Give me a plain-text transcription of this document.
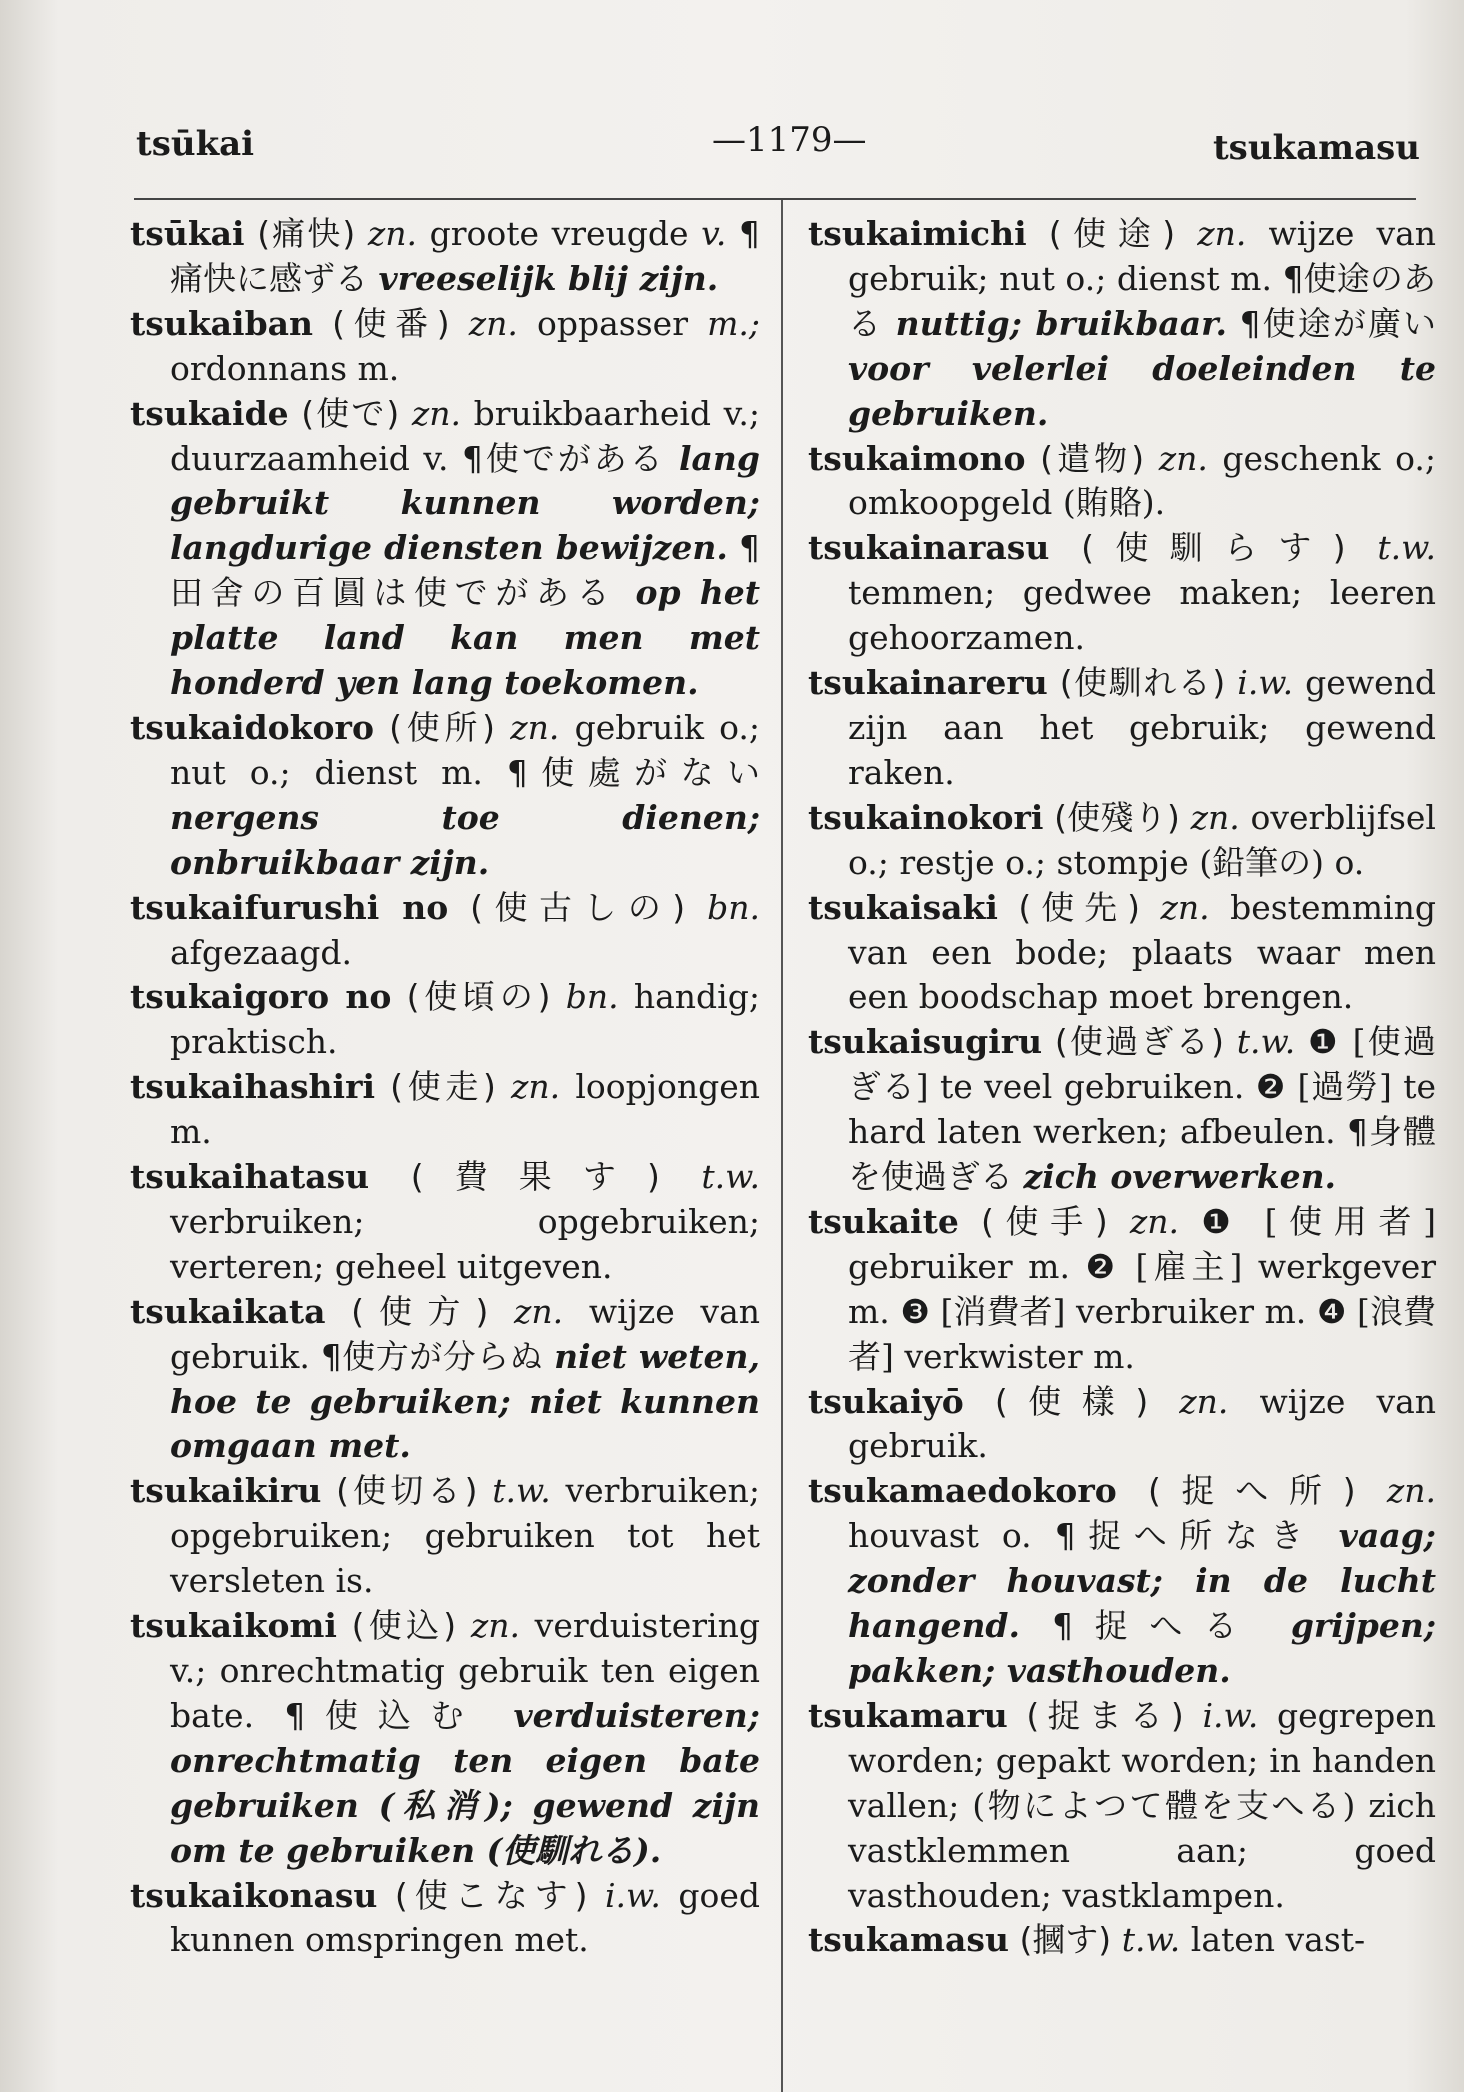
tsūkai	—1179—	tsukamasu

tsūkai (痛快) zn. groote vreugde v. ¶痛快に感ずる vreeselijk blij zijn.

tsukaiban (使番) zn. oppasser m.; ordonnans m.

tsukaide (使で) zn. bruikbaarheid v.; duurzaamheid v. ¶使でがある lang gebruikt kunnen worden; langdurige diensten bewijzen. ¶田舍の百圓は使でがある op het platte land kan men met honderd yen lang toekomen.

tsukaidokoro (使所) zn. gebruik o.; nut o.; dienst m. ¶使處がない nergens toe dienen; onbruikbaar zijn.

tsukaifurushi no (使古しの) bn. afgezaagd.

tsukaigoro no (使頃の) bn. handig; praktisch.

tsukaihashiri (使走) zn. loopjongen m.

tsukaihatasu (費果す) t.w. verbruiken; opgebruiken; verteren; geheel uitgeven.

tsukaikata (使方) zn. wijze van gebruik. ¶使方が分らぬ niet weten, hoe te gebruiken; niet kunnen omgaan met.

tsukaikiru (使切る) t.w. verbruiken; opgebruiken; gebruiken tot het versleten is.

tsukaikomi (使込) zn. verduistering v.; onrechtmatig gebruik ten eigen bate. ¶使込む verduisteren; onrechtmatig ten eigen bate gebruiken (私消); gewend zijn om te gebruiken (使馴れる).

tsukaikonasu (使こなす) i.w. goed kunnen omspringen met.

tsukaimichi (使途) zn. wijze van gebruik; nut o.; dienst m. ¶使途のある nuttig; bruikbaar. ¶使途が廣い voor velerlei doeleinden te gebruiken.

tsukaimono (遣物) zn. geschenk o.; omkoopgeld (賄賂).

tsukainarasu (使馴らす) t.w. temmen; gedwee maken; leeren gehoorzamen.

tsukainareru (使馴れる) i.w. gewend zijn aan het gebruik; gewend raken.

tsukainokori (使殘り) zn. overblijfsel o.; restje o.; stompje (鉛筆の) o.

tsukaisaki (使先) zn. bestemming van een bode; plaats waar men een boodschap moet brengen.

tsukaisugiru (使過ぎる) t.w. ❶ [使過ぎる] te veel gebruiken. ❷ [過勞] te hard laten werken; afbeulen. ¶身體を使過ぎる zich overwerken.

tsukaite (使手) zn. ❶ [使用者] gebruiker m. ❷ [雇主] werkgever m. ❸ [消費者] verbruiker m. ❹ [浪費者] verkwister m.

tsukaiyō (使樣) zn. wijze van gebruik.

tsukamaedokoro (捉へ所) zn. houvast o. ¶捉へ所なき vaag; zonder houvast; in de lucht hangend. ¶捉へる grijpen; pakken; vasthouden.

tsukamaru (捉まる) i.w. gegrepen worden; gepakt worden; in handen vallen; (物によつて體を支へる) zich vastklemmen aan; goed vasthouden; vastklampen.

tsukamasu (摑す) t.w. laten vast-
